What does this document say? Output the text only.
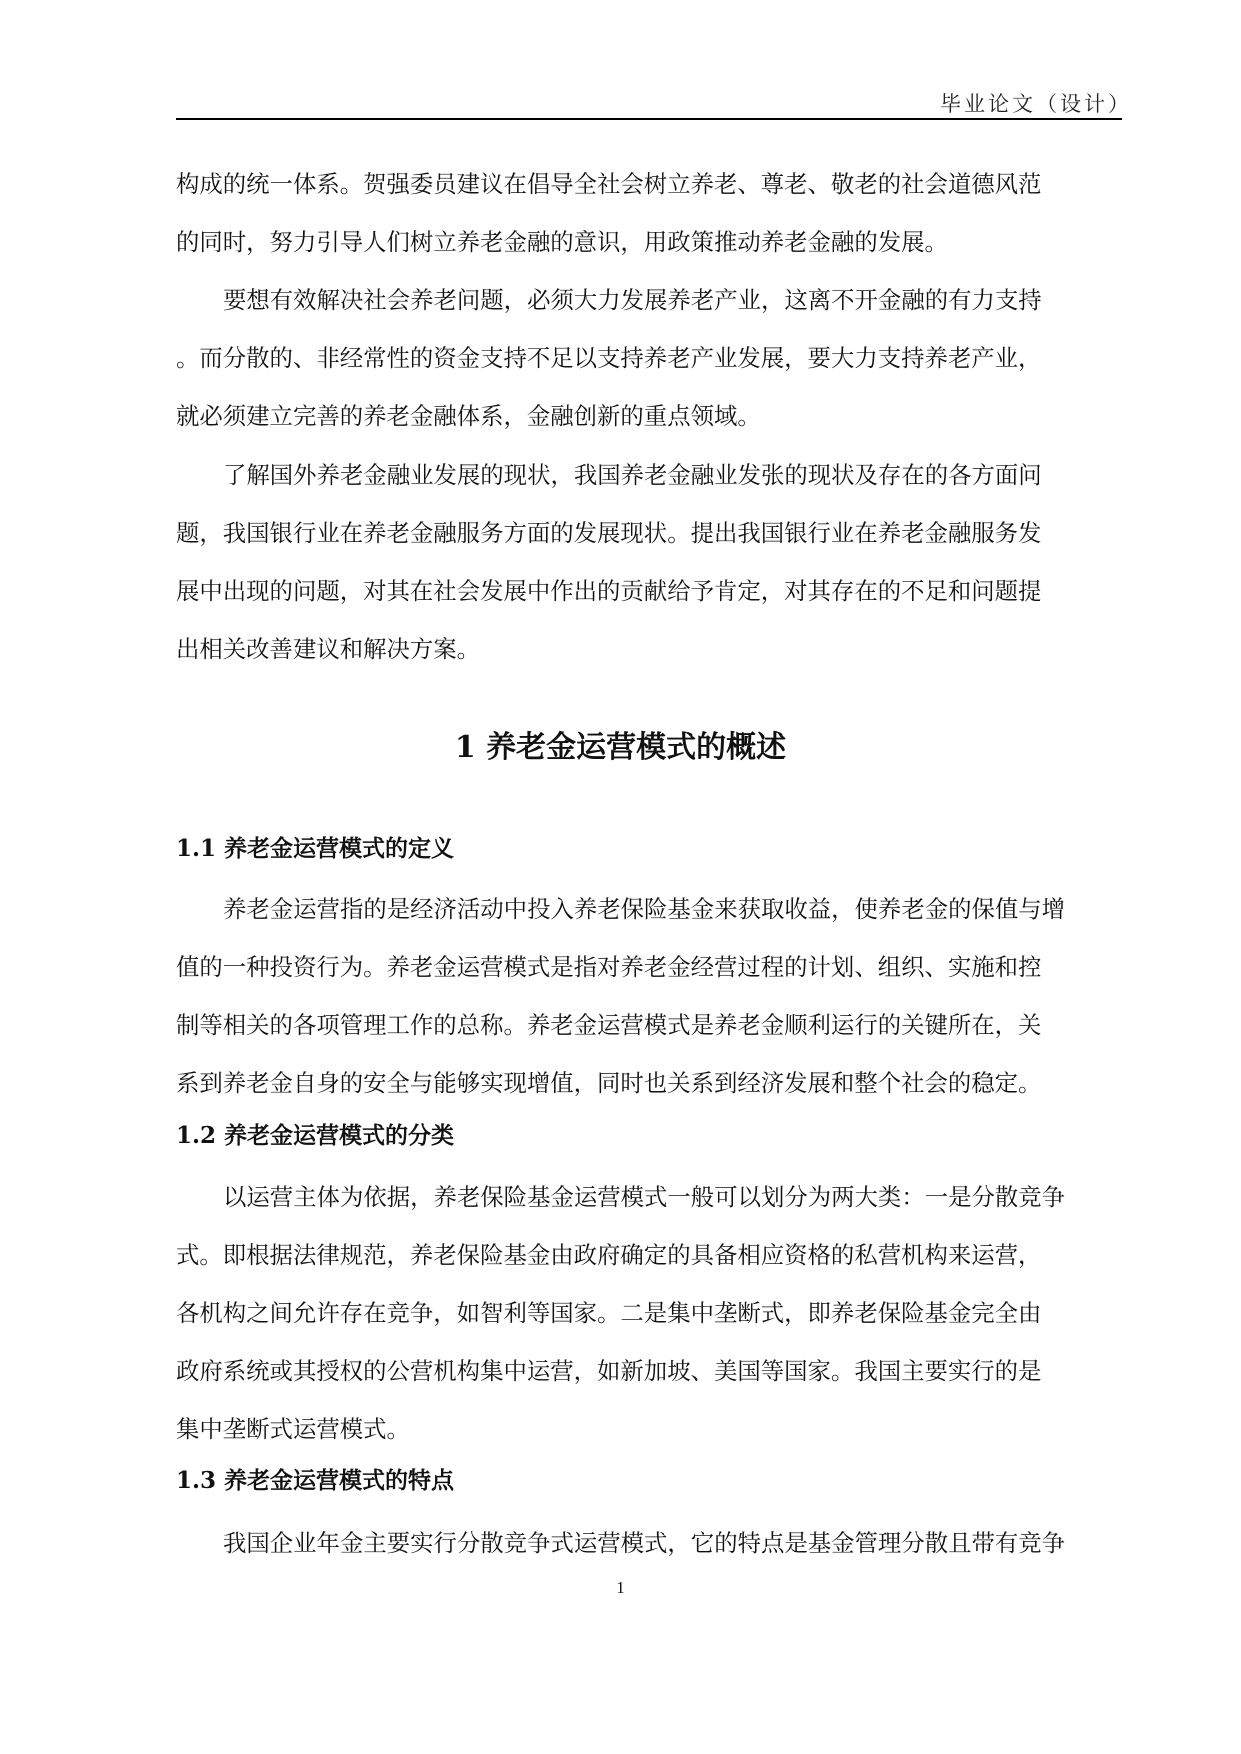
毕业论文（设计）
构成的统一体系。贺强委员建议在倡导全社会树立养老、尊老、敬老的社会道德风范
的同时，努力引导人们树立养老金融的意识，用政策推动养老金融的发展。
要想有效解决社会养老问题，必须大力发展养老产业，这离不开金融的有力支持
。而分散的、非经常性的资金支持不足以支持养老产业发展，要大力支持养老产业，
就必须建立完善的养老金融体系，金融创新的重点领域。
了解国外养老金融业发展的现状，我国养老金融业发张的现状及存在的各方面问
题，我国银行业在养老金融服务方面的发展现状。提出我国银行业在养老金融服务发
展中出现的问题，对其在社会发展中作出的贡献给予肯定，对其存在的不足和问题提
出相关改善建议和解决方案。
1 养老金运营模式的概述
1.1 养老金运营模式的定义
养老金运营指的是经济活动中投入养老保险基金来获取收益，使养老金的保值与增
值的一种投资行为。养老金运营模式是指对养老金经营过程的计划、组织、实施和控
制等相关的各项管理工作的总称。养老金运营模式是养老金顺利运行的关键所在，关
系到养老金自身的安全与能够实现增值，同时也关系到经济发展和整个社会的稳定。
1.2 养老金运营模式的分类
以运营主体为依据，养老保险基金运营模式一般可以划分为两大类：一是分散竞争
式。即根据法律规范，养老保险基金由政府确定的具备相应资格的私营机构来运营，
各机构之间允许存在竞争，如智利等国家。二是集中垄断式，即养老保险基金完全由
政府系统或其授权的公营机构集中运营，如新加坡、美国等国家。我国主要实行的是
集中垄断式运营模式。
1.3 养老金运营模式的特点
我国企业年金主要实行分散竞争式运营模式，它的特点是基金管理分散且带有竞争
1
